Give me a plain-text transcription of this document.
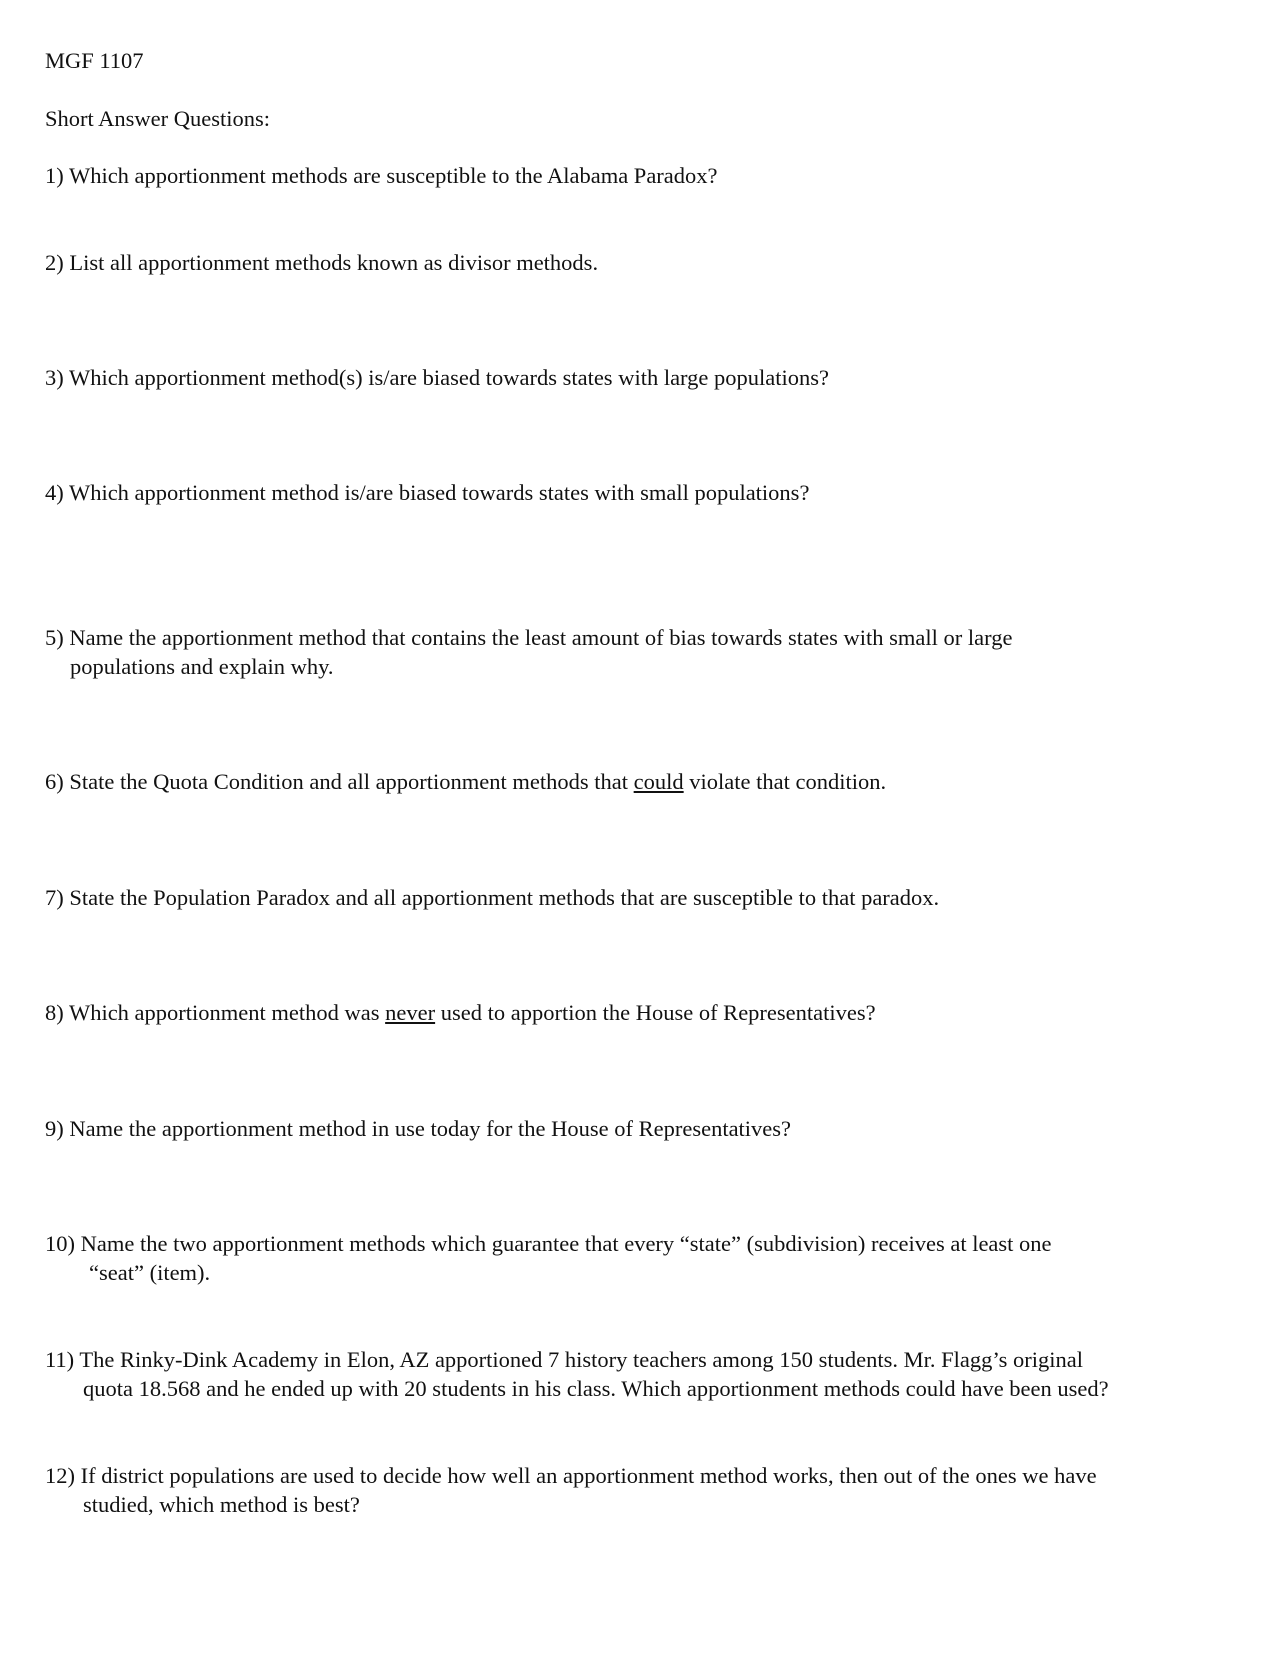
MGF 1107
Short Answer Questions:
1) Which apportionment methods are susceptible to the Alabama Paradox?
2) List all apportionment methods known as divisor methods.
3) Which apportionment method(s) is/are biased towards states with large populations?
4) Which apportionment method is/are biased towards states with small populations?
5) Name the apportionment method that contains the least amount of bias towards states with small or large
populations and explain why.
6) State the Quota Condition and all apportionment methods that could violate that condition.
7) State the Population Paradox and all apportionment methods that are susceptible to that paradox.
8) Which apportionment method was never used to apportion the House of Representatives?
9) Name the apportionment method in use today for the House of Representatives?
10) Name the two apportionment methods which guarantee that every “state” (subdivision) receives at least one
“seat” (item).
11) The Rinky-Dink Academy in Elon, AZ apportioned 7 history teachers among 150 students. Mr. Flagg’s original
quota 18.568 and he ended up with 20 students in his class. Which apportionment methods could have been used?
12) If district populations are used to decide how well an apportionment method works, then out of the ones we have
studied, which method is best?
